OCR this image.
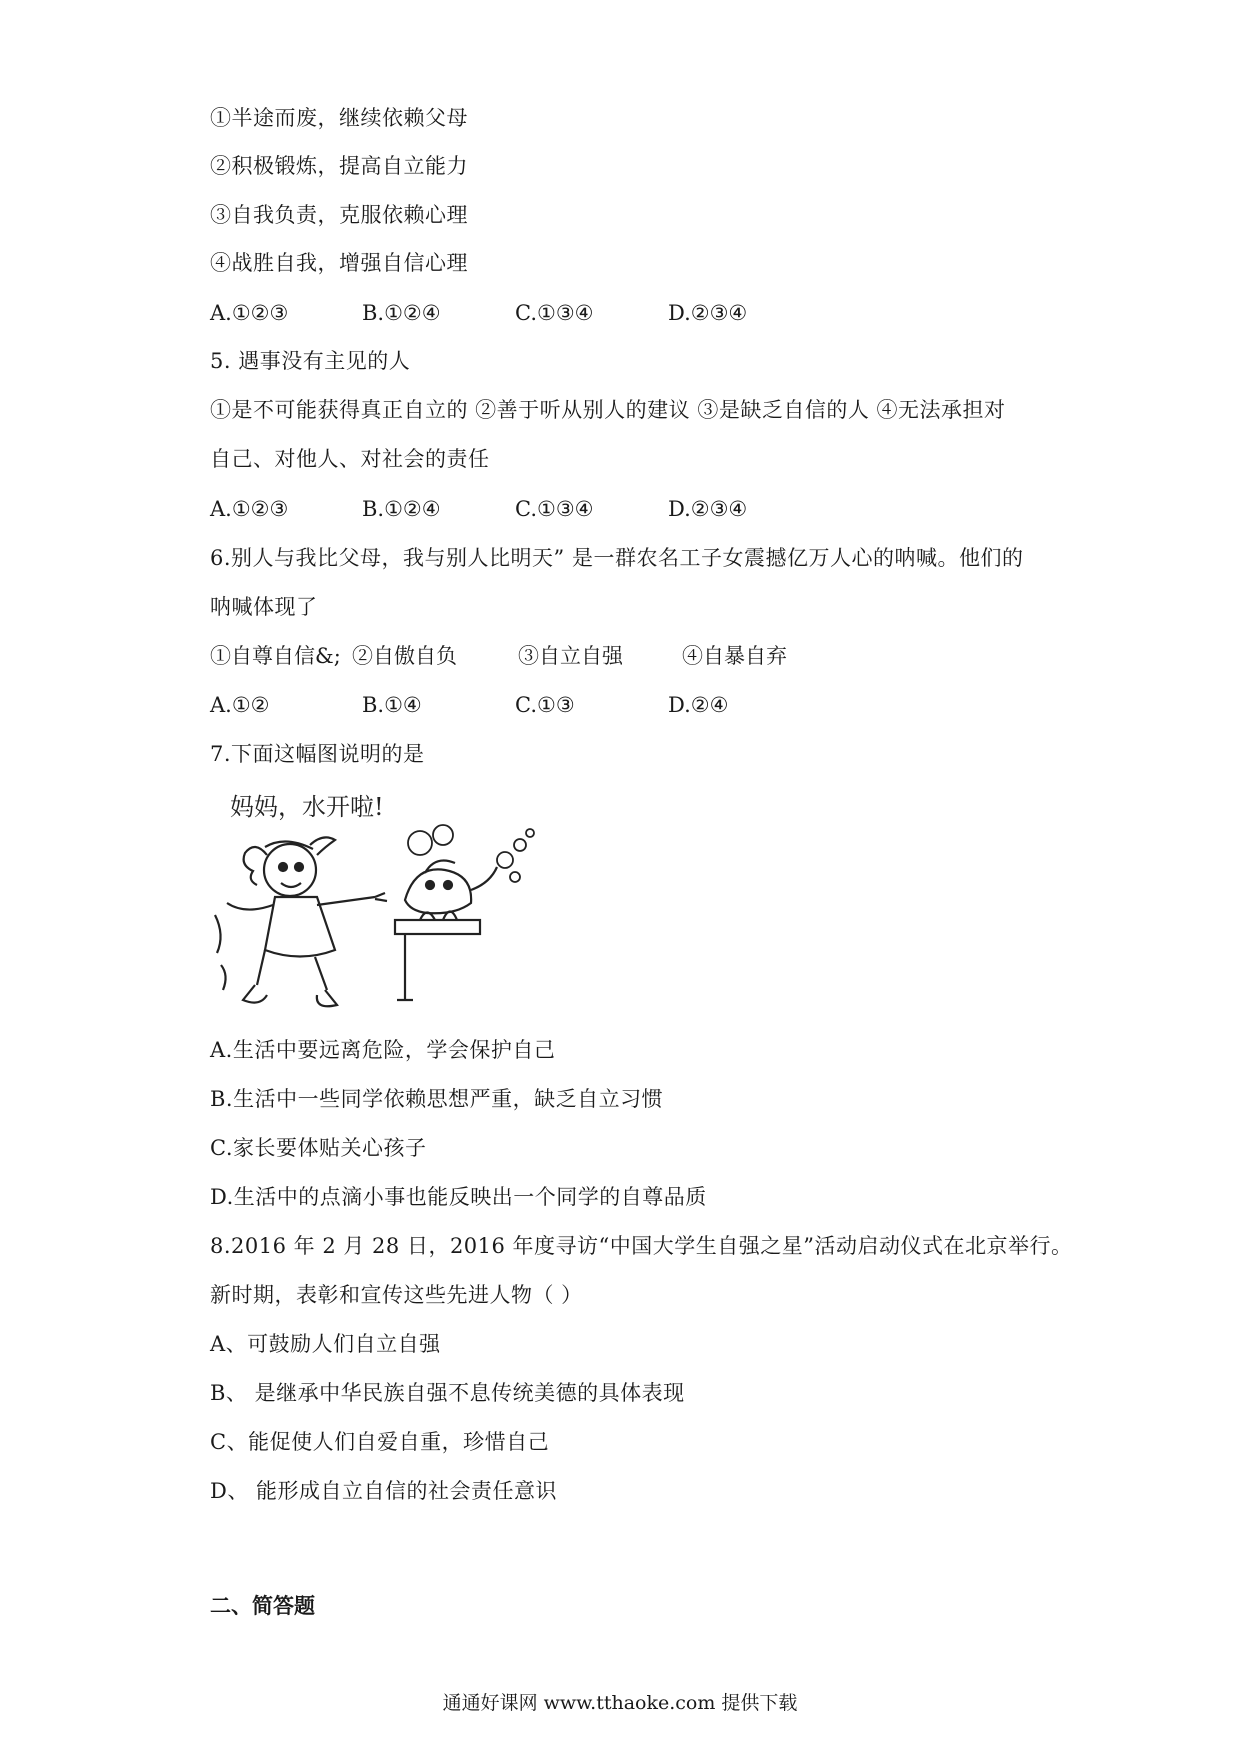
①半途而废，继续依赖父母
②积极锻炼，提高自立能力
③自我负责，克服依赖心理
④战胜自我，增强自信心理
A.①②③	B.①②④	C.①③④	D.②③④
5. 遇事没有主见的人
①是不可能获得真正自立的 ②善于听从别人的建议 ③是缺乏自信的人 ④无法承担对
自己、对他人、对社会的责任
A.①②③	B.①②④	C.①③④	D.②③④
6.别人与我比父母，我与别人比明天” 是一群农名工子女震撼亿万人心的呐喊。他们的
呐喊体现了
①自尊自信&; ②自傲自负	③自立自强	④自暴自弃
A.①②	B.①④	C.①③	D.②④
7.下面这幅图说明的是
妈妈，水开啦!
A.生活中要远离危险，学会保护自己
B.生活中一些同学依赖思想严重，缺乏自立习惯
C.家长要体贴关心孩子
D.生活中的点滴小事也能反映出一个同学的自尊品质
8.2016 年 2 月 28 日，2016 年度寻访“中国大学生自强之星”活动启动仪式在北京举行。
新时期，表彰和宣传这些先进人物（ ）
A、可鼓励人们自立自强
B、 是继承中华民族自强不息传统美德的具体表现
C、能促使人们自爱自重，珍惜自己
D、 能形成自立自信的社会责任意识
二、简答题
通通好课网 www.tthaoke.com 提供下载
